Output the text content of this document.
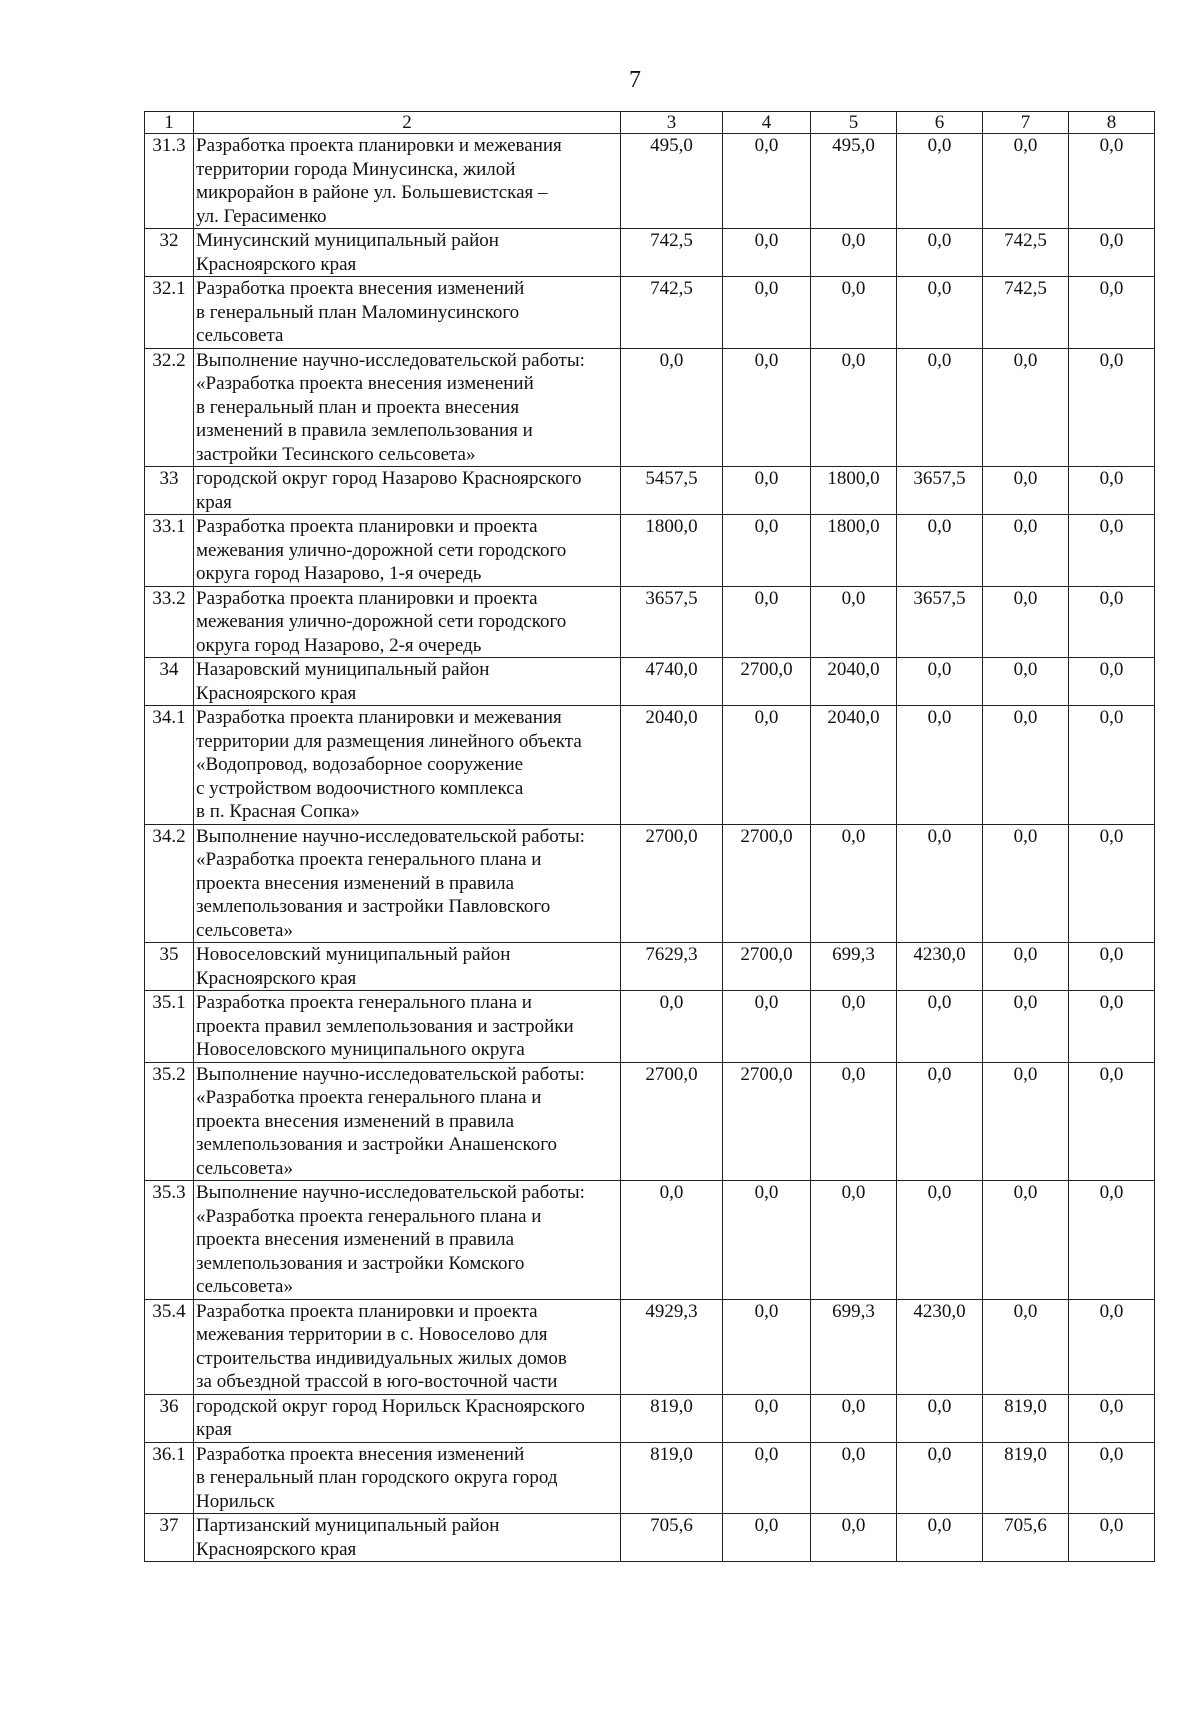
7
1	2	3	4	5	6	7	8
31.3	Разработка проекта планировки и межевания
территории города Минусинска, жилой
микрорайон в районе ул. Большевистская –
ул. Герасименко	495,0	0,0	495,0	0,0	0,0	0,0
32	Минусинский муниципальный район
Красноярского края	742,5	0,0	0,0	0,0	742,5	0,0
32.1	Разработка проекта внесения изменений
в генеральный план Маломинусинского
сельсовета	742,5	0,0	0,0	0,0	742,5	0,0
32.2	Выполнение научно-исследовательской работы:
«Разработка проекта внесения изменений
в генеральный план и проекта внесения
изменений в правила землепользования и
застройки Тесинского сельсовета»	0,0	0,0	0,0	0,0	0,0	0,0
33	городской округ город Назарово Красноярского
края	5457,5	0,0	1800,0	3657,5	0,0	0,0
33.1	Разработка проекта планировки и проекта
межевания улично-дорожной сети городского
округа город Назарово, 1-я очередь	1800,0	0,0	1800,0	0,0	0,0	0,0
33.2	Разработка проекта планировки и проекта
межевания улично-дорожной сети городского
округа город Назарово, 2-я очередь	3657,5	0,0	0,0	3657,5	0,0	0,0
34	Назаровский муниципальный район
Красноярского края	4740,0	2700,0	2040,0	0,0	0,0	0,0
34.1	Разработка проекта планировки и межевания
территории для размещения линейного объекта
«Водопровод, водозаборное сооружение
с устройством водоочистного комплекса
в п. Красная Сопка»	2040,0	0,0	2040,0	0,0	0,0	0,0
34.2	Выполнение научно-исследовательской работы:
«Разработка проекта генерального плана и
проекта внесения изменений в правила
землепользования и застройки Павловского
сельсовета»	2700,0	2700,0	0,0	0,0	0,0	0,0
35	Новоселовский муниципальный район
Красноярского края	7629,3	2700,0	699,3	4230,0	0,0	0,0
35.1	Разработка проекта генерального плана и
проекта правил землепользования и застройки
Новоселовского муниципального округа	0,0	0,0	0,0	0,0	0,0	0,0
35.2	Выполнение научно-исследовательской работы:
«Разработка проекта генерального плана и
проекта внесения изменений в правила
землепользования и застройки Анашенского
сельсовета»	2700,0	2700,0	0,0	0,0	0,0	0,0
35.3	Выполнение научно-исследовательской работы:
«Разработка проекта генерального плана и
проекта внесения изменений в правила
землепользования и застройки Комского
сельсовета»	0,0	0,0	0,0	0,0	0,0	0,0
35.4	Разработка проекта планировки и проекта
межевания территории в с. Новоселово для
строительства индивидуальных жилых домов
за объездной трассой в юго-восточной части	4929,3	0,0	699,3	4230,0	0,0	0,0
36	городской округ город Норильск Красноярского
края	819,0	0,0	0,0	0,0	819,0	0,0
36.1	Разработка проекта внесения изменений
в генеральный план городского округа город
Норильск	819,0	0,0	0,0	0,0	819,0	0,0
37	Партизанский муниципальный район
Красноярского края	705,6	0,0	0,0	0,0	705,6	0,0
